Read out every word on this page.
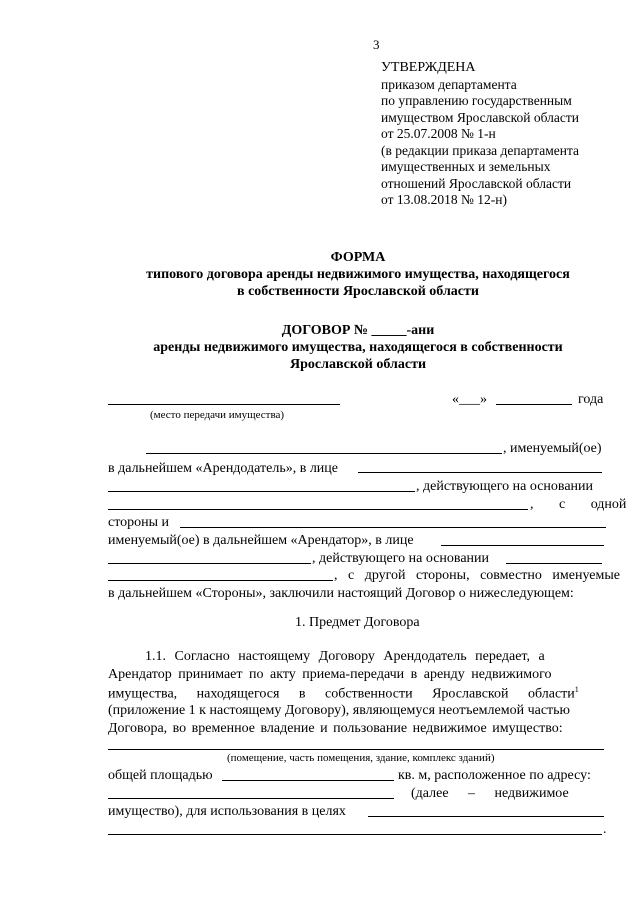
3
УТВЕРЖДЕНА
приказом департамента
по управлению государственным
имуществом Ярославской области
от 25.07.2008 № 1-н
(в редакции приказа департамента
имущественных и земельных
отношений Ярославской области
от 13.08.2018 № 12-н)
ФОРМА
типового договора аренды недвижимого имущества, находящегося
в собственности Ярославской области
ДОГОВОР № _____-ани
аренды недвижимого имущества, находящегося в собственности
Ярославской области
(место передачи имущества)
«___»	года
, именуемый(ое)
в дальнейшем «Арендодатель», в лице
, действующего на основании
, с одной
стороны и
именуемый(ое) в дальнейшем «Арендатор», в лице
, действующего на основании
, с другой стороны, совместно именуемые
в дальнейшем «Стороны», заключили настоящий Договор о нижеследующем:
1. Предмет Договора
1.1. Согласно настоящему Договору Арендодатель передает, а
Арендатор принимает по акту приема-передачи в аренду недвижимого
имущества, находящегося в собственности Ярославской области$^1$
(приложение 1 к настоящему Договору), являющемуся неотъемлемой частью
Договора, во временное владение и пользование недвижимое имущество:
(помещение, часть помещения, здание, комплекс зданий)
общей площадью	кв. м, расположенное по адресу:
(далее – недвижимое
имущество), для использования в целях
.
